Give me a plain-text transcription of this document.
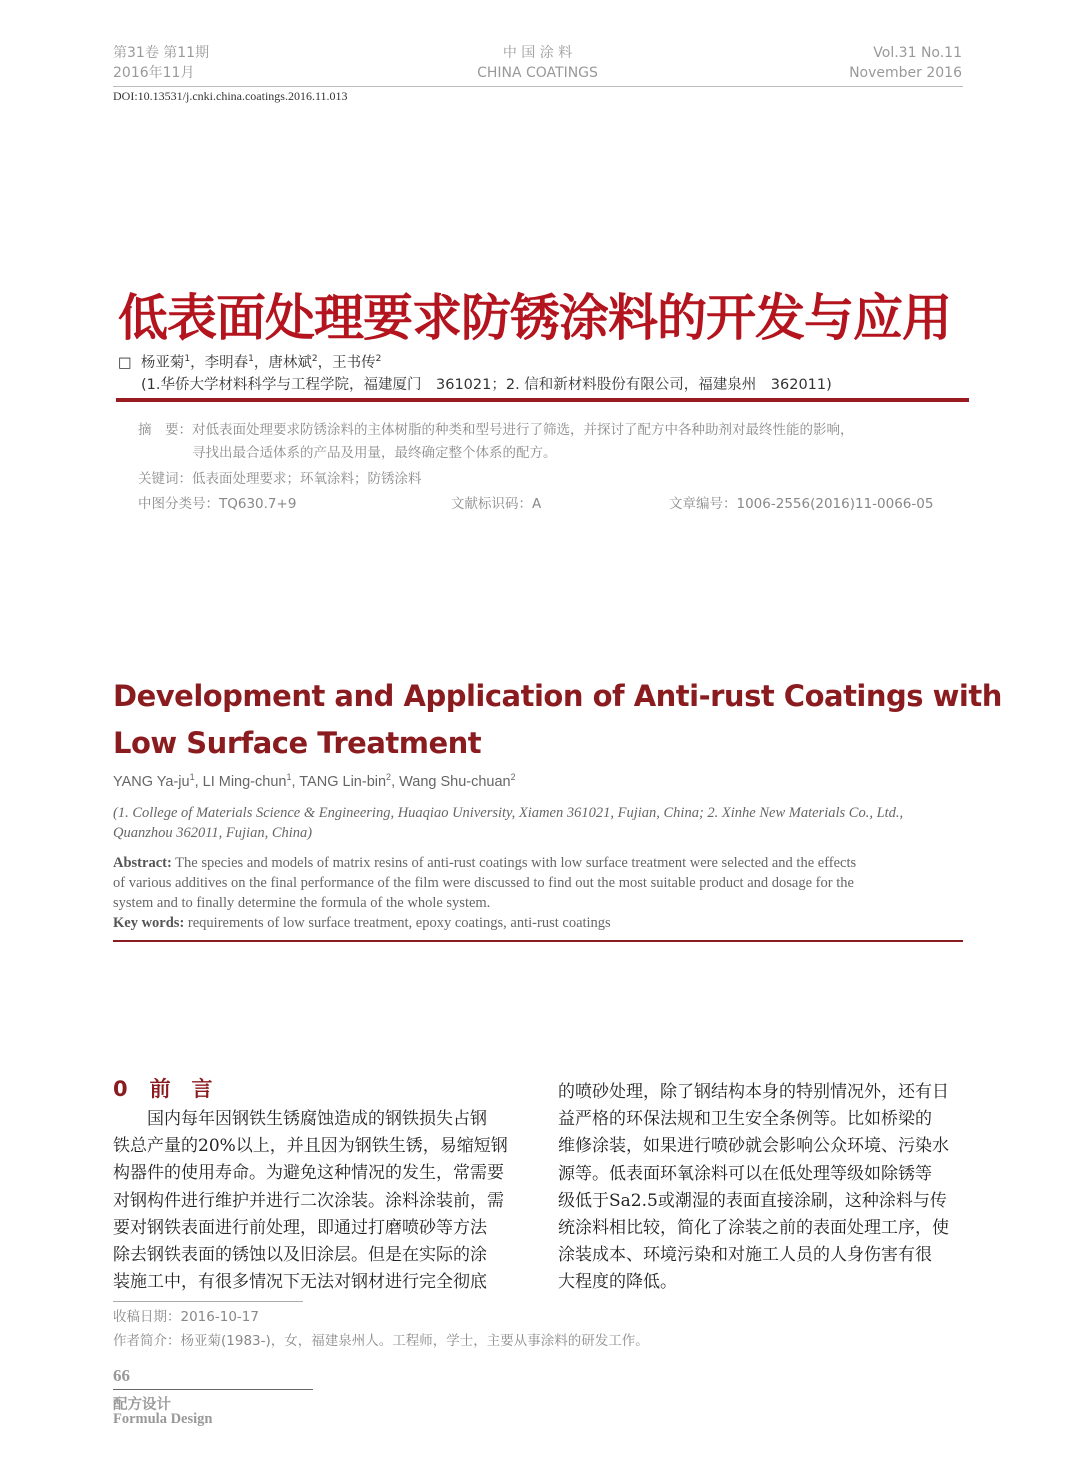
第31卷 第11期
2016年11月
中 国 涂 料
CHINA COATINGS
Vol.31 No.11
November 2016
DOI:10.13531/j.cnki.china.coatings.2016.11.013
低表面处理要求防锈涂料的开发与应用
□ 杨亚菊$^1$，李明春$^1$，唐林斌$^2$，王书传$^2$
(1.华侨大学材料科学与工程学院，福建厦门　361021；2. 信和新材料股份有限公司，福建泉州　362011)
摘　要：对低表面处理要求防锈涂料的主体树脂的种类和型号进行了筛选，并探讨了配方中各种助剂对最终性能的影响，
寻找出最合适体系的产品及用量，最终确定整个体系的配方。
关键词：低表面处理要求；环氧涂料；防锈涂料
中图分类号：TQ630.7+9	文献标识码：A	文章编号：1006-2556(2016)11-0066-05
Development and Application of Anti-rust Coatings with
Low Surface Treatment
YANG $Ya-ju^1$, LI Ming-chun$^1$, TANG Lin-bin$^2$, Wang Shu-chuan$^2$
(1. College of Materials Science & Engineering, Huaqiao University, Xiamen 361021, Fujian, China; 2. Xinhe New Materials Co., Ltd.,
Quanzhou 362011, Fujian, China)
Abstract: The species and models of matrix resins of anti-rust coatings with low surface treatment were selected and the effects
of various additives on the final performance of the film were discussed to find out the most suitable product and dosage for the
system and to finally determine the formula of the whole system.
Key words: requirements of low surface treatment, epoxy coatings, anti-rust coatings
0 前　言
　　国内每年因钢铁生锈腐蚀造成的钢铁损失占钢
铁总产量的20%以上，并且因为钢铁生锈，易缩短钢
构器件的使用寿命。为避免这种情况的发生，常需要
对钢构件进行维护并进行二次涂装。涂料涂装前，需
要对钢铁表面进行前处理，即通过打磨喷砂等方法
除去钢铁表面的锈蚀以及旧涂层。但是在实际的涂
装施工中，有很多情况下无法对钢材进行完全彻底
的喷砂处理，除了钢结构本身的特别情况外，还有日
益严格的环保法规和卫生安全条例等。比如桥梁的
维修涂装，如果进行喷砂就会影响公众环境、污染水
源等。低表面环氧涂料可以在低处理等级如除锈等
级低于Sa2.5或潮湿的表面直接涂刷，这种涂料与传
统涂料相比较，简化了涂装之前的表面处理工序，使
涂装成本、环境污染和对施工人员的人身伤害有很
大程度的降低。
收稿日期：2016-10-17
作者简介：杨亚菊(1983-)，女，福建泉州人。工程师，学士，主要从事涂料的研发工作。
66
配方设计
Formula Design
